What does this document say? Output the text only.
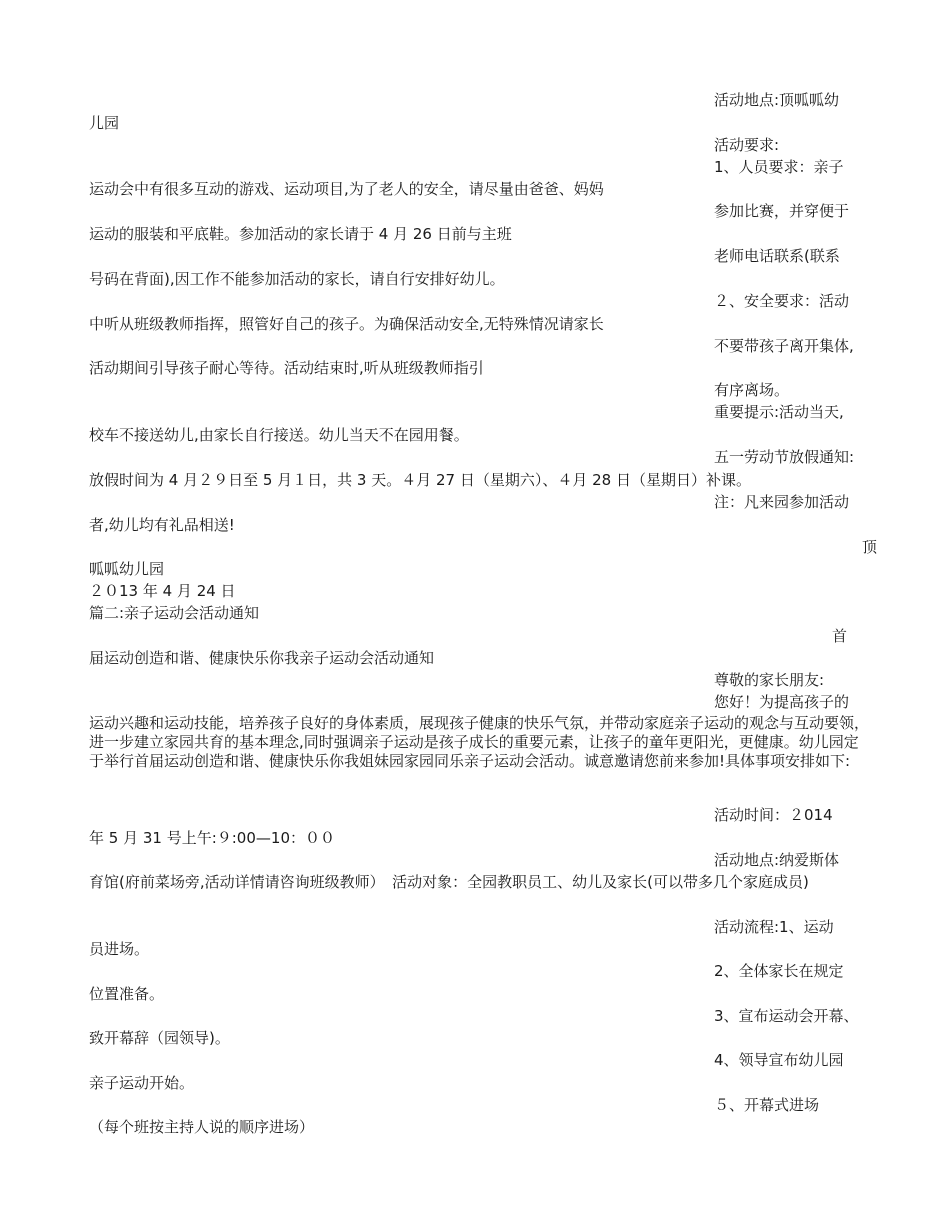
活动地点:顶呱呱幼
儿园
活动要求:
1、人员要求：亲子
运动会中有很多互动的游戏、运动项目,为了老人的安全，请尽量由爸爸、妈妈
参加比赛，并穿便于
运动的服装和平底鞋。参加活动的家长请于 4 月 26 日前与主班
老师电话联系(联系
号码在背面),因工作不能参加活动的家长，请自行安排好幼儿。
２、安全要求：活动
中听从班级教师指挥，照管好自己的孩子。为确保活动安全,无特殊情况请家长
不要带孩子离开集体,
活动期间引导孩子耐心等待。活动结束时,听从班级教师指引
有序离场。
重要提示:活动当天,
校车不接送幼儿,由家长自行接送。幼儿当天不在园用餐。
五一劳动节放假通知:
放假时间为 4 月２９日至 5 月１日，共 3 天。４月 27 日（星期六）、４月 28 日（星期日）补课。
注：凡来园参加活动
者,幼儿均有礼品相送!
顶
呱呱幼儿园
２０13 年 4 月 24 日
篇二:亲子运动会活动通知
首
届运动创造和谐、健康快乐你我亲子运动会活动通知
尊敬的家长朋友:
您好！为提高孩子的
运动兴趣和运动技能，培养孩子良好的身体素质，展现孩子健康的快乐气氛，并带动家庭亲子运动的观念与互动要领，进一步建立家园共育的基本理念,同时强调亲子运动是孩子成长的重要元素，让孩子的童年更阳光，更健康。幼儿园定于举行首届运动创造和谐、健康快乐你我姐妹园家园同乐亲子运动会活动。诚意邀请您前来参加!具体事项安排如下:
活动时间：２014
年 5 月 31 号上午:９:00—10：００
活动地点:纳爱斯体
育馆(府前菜场旁,活动详情请咨询班级教师）　活动对象：全园教职员工、幼儿及家长(可以带多几个家庭成员)
活动流程:1、运动
员进场。
2、全体家长在规定
位置准备。
3、宣布运动会开幕、
致开幕辞（园领导)。
4、领导宣布幼儿园
亲子运动开始。
５、开幕式进场
（每个班按主持人说的顺序进场）
